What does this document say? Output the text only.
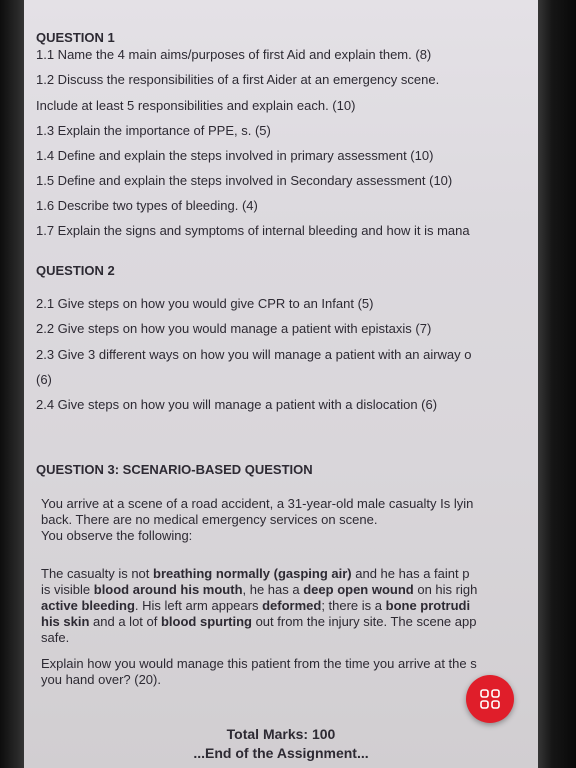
QUESTION 1
1.1 Name the 4 main aims/purposes of first Aid and explain them. (8)
1.2 Discuss the responsibilities of a first Aider at an emergency scene.
Include at least 5 responsibilities and explain each. (10)
1.3 Explain the importance of PPE, s. (5)
1.4 Define and explain the steps involved in primary assessment (10)
1.5 Define and explain the steps involved in Secondary assessment (10)
1.6 Describe two types of bleeding. (4)
1.7 Explain the signs and symptoms of internal bleeding and how it is mana
QUESTION 2
2.1 Give steps on how you would give CPR to an Infant (5)
2.2 Give steps on how you would manage a patient with epistaxis (7)
2.3 Give 3 different ways on how you will manage a patient with an airway o
(6)
2.4 Give steps on how you will manage a patient with a dislocation (6)
QUESTION 3: SCENARIO-BASED QUESTION
You arrive at a scene of a road accident, a 31-year-old male casualty Is lyin
back. There are no medical emergency services on scene.
You observe the following:
The casualty is not breathing normally (gasping air) and he has a faint p
is visible blood around his mouth, he has a deep open wound on his righ
active bleeding. His left arm appears deformed; there is a bone protrudi
his skin and a lot of blood spurting out from the injury site. The scene app
safe.
Explain how you would manage this patient from the time you arrive at the s
you hand over? (20).
Total Marks: 100
...End of the Assignment...
